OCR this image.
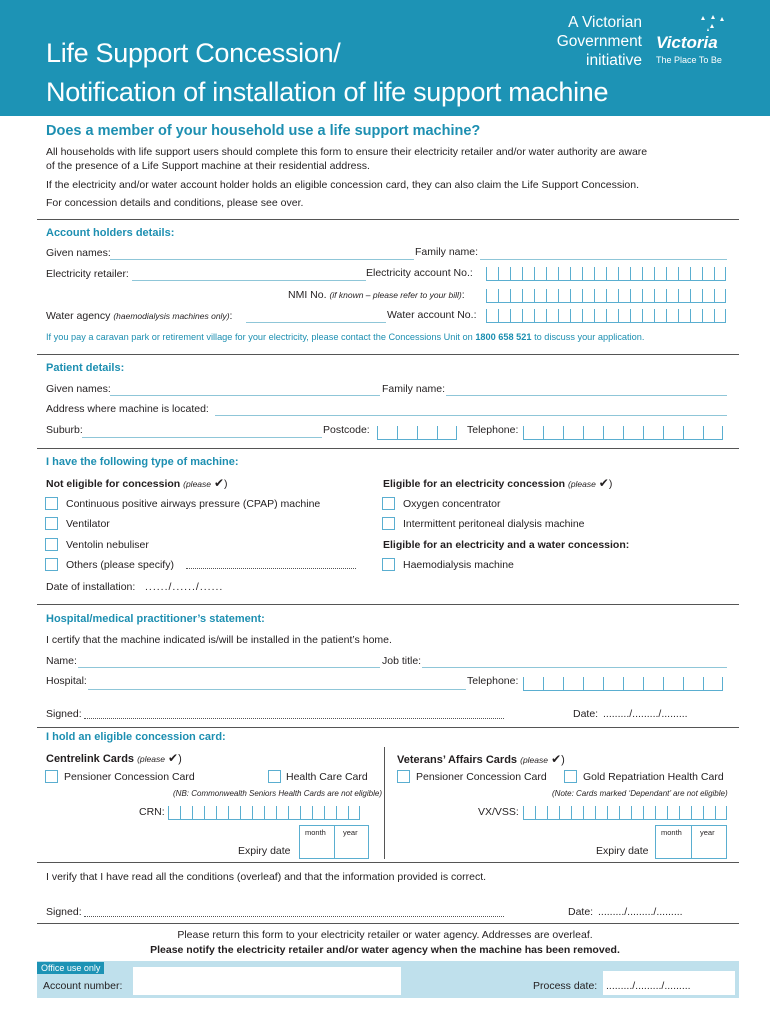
Life Support Concession/
Notification of installation of life support machine
A Victorian
Government
initiative
Victoria
The Place To Be
Does a member of your household use a life support machine?
All households with life support users should complete this form to ensure their electricity retailer and/or water authority are aware
of the presence of a Life Support machine at their residential address.
If the electricity and/or water account holder holds an eligible concession card, they can also claim the Life Support Concession.
For concession details and conditions, please see over.
Account holders details:
Given names:	Family name:
Electricity retailer:	Electricity account No.:
NMI No. (if known – please refer to your bill):
Water agency (haemodialysis machines only):	Water account No.:
If you pay a caravan park or retirement village for your electricity, please contact the Concessions Unit on 1800 658 521 to discuss your application.
Patient details:
Given names:	Family name:
Address where machine is located:
Suburb:	Postcode:	Telephone:
I have the following type of machine:
Not eligible for concession (please ✔)
Continuous positive airways pressure (CPAP) machine
Ventilator
Ventolin nebuliser
Others (please specify)
Eligible for an electricity concession (please ✔)
Oxygen concentrator
Intermittent peritoneal dialysis machine
Eligible for an electricity and a water concession:
Haemodialysis machine
Date of installation: ....../....../......
Hospital/medical practitioner’s statement:
I certify that the machine indicated is/will be installed in the patient’s home.
Name:	Job title:
Hospital:	Telephone:
Signed:	Date: ........./........./.........
I hold an eligible concession card:
Centrelink Cards (please ✔)
Pensioner Concession Card	Health Care Card
(NB: Commonwealth Seniors Health Cards are not eligible)
CRN:
month year
Expiry date
Veterans’ Affairs Cards (please ✔)
Pensioner Concession Card	Gold Repatriation Health Card
(Note: Cards marked ‘Dependant’ are not eligible)
VX/VSS:
month year
Expiry date
I verify that I have read all the conditions (overleaf) and that the information provided is correct.
Signed:	Date: ........./........./.........
Please return this form to your electricity retailer or water agency. Addresses are overleaf.
Please notify the electricity retailer and/or water agency when the machine has been removed.
Office use only
Account number:	Process date: ........./........./.........
